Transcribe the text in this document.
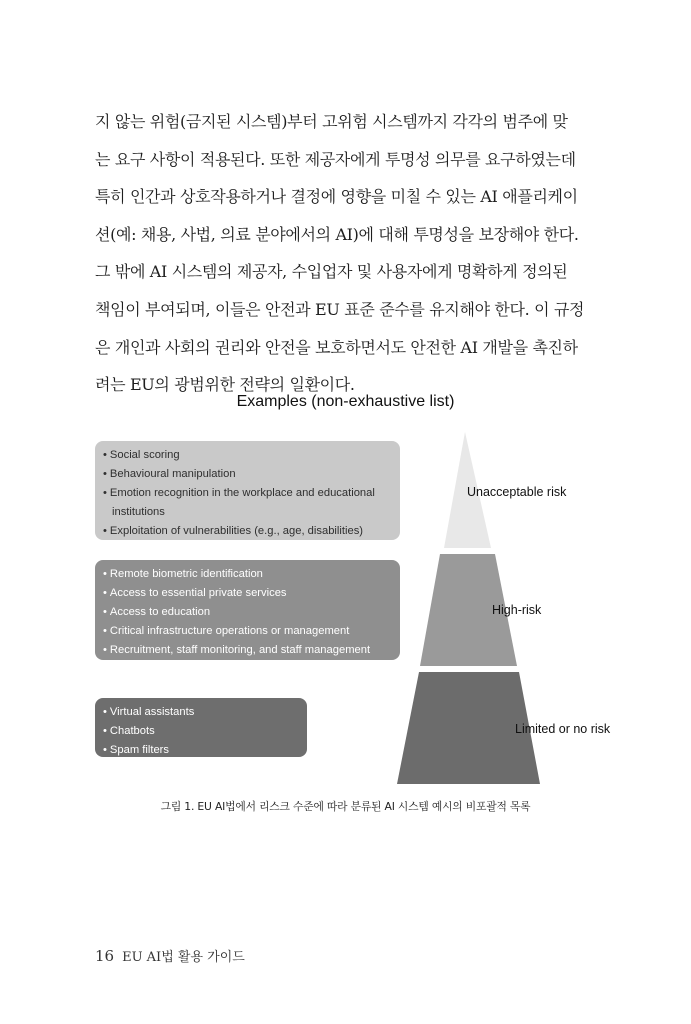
지 않는 위험(금지된 시스템)부터 고위험 시스템까지 각각의 범주에 맞
는 요구 사항이 적용된다. 또한 제공자에게 투명성 의무를 요구하였는데
특히 인간과 상호작용하거나 결정에 영향을 미칠 수 있는 AI 애플리케이
션(예: 채용, 사법, 의료 분야에서의 AI)에 대해 투명성을 보장해야 한다.
그 밖에 AI 시스템의 제공자, 수입업자 및 사용자에게 명확하게 정의된
책임이 부여되며, 이들은 안전과 EU 표준 준수를 유지해야 한다. 이 규정
은 개인과 사회의 권리와 안전을 보호하면서도 안전한 AI 개발을 촉진하
려는 EU의 광범위한 전략의 일환이다.
Examples (non-exhaustive list)
• Social scoring
• Behavioural manipulation
• Emotion recognition in the workplace and educational
institutions
• Exploitation of vulnerabilities (e.g., age, disabilities)
• Remote biometric identification
• Access to essential private services
• Access to education
• Critical infrastructure operations or management
• Recruitment, staff monitoring, and staff management
• Virtual assistants
• Chatbots
• Spam filters
Unacceptable risk
High-risk
Limited or no risk
그림 1. EU AI법에서 리스크 수준에 따라 분류된 AI 시스템 예시의 비포괄적 목록
16 EU AI법 활용 가이드
